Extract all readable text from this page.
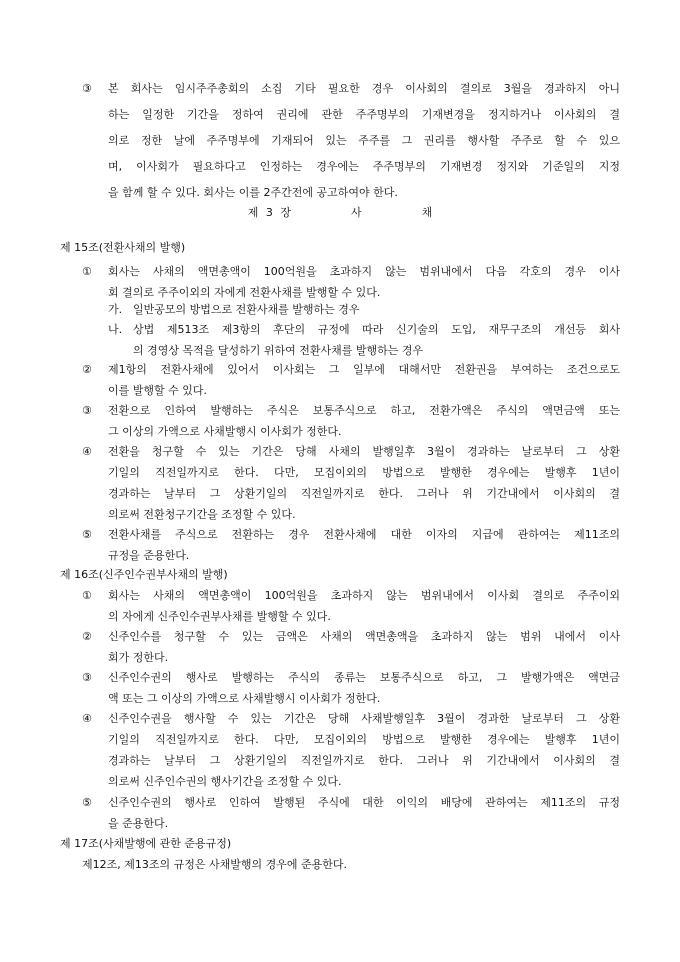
③ 본 회사는 임시주주총회의 소집 기타 필요한 경우 이사회의 결의로 3월을 경과하지 아니
하는 일정한 기간을 정하여 권리에 관한 주주명부의 기재변경을 정지하거나 이사회의 결
의로 정한 날에 주주명부에 기재되어 있는 주주를 그 권리를 행사할 주주로 할 수 있으
며, 이사회가 필요하다고 인정하는 경우에는 주주명부의 기재변경 정지와 기준일의 지정
을 함께 할 수 있다. 회사는 이를 2주간전에 공고하여야 한다.
제 3 장        사        채
제 15조(전환사채의 발행)
① 회사는 사채의 액면총액이 100억원을 초과하지 않는 범위내에서 다음 각호의 경우 이사
회 결의로 주주이외의 자에게 전환사채를 발행할 수 있다.
가. 일반공모의 방법으로 전환사채를 발행하는 경우
나. 상법 제513조 제3항의 후단의 규정에 따라 신기술의 도입, 재무구조의 개선등 회사
의 경영상 목적을 달성하기 위하여 전환사채를 발행하는 경우
② 제1항의 전환사채에 있어서 이사회는 그 일부에 대해서만 전환권을 부여하는 조건으로도
이를 발행할 수 있다.
③ 전환으로 인하여 발행하는 주식은 보통주식으로 하고, 전환가액은 주식의 액면금액 또는
그 이상의 가액으로 사채발행시 이사회가 정한다.
④ 전환을 청구할 수 있는 기간은 당해 사채의 발행일후 3월이 경과하는 날로부터 그 상환
기일의 직전일까지로 한다. 다만, 모집이외의 방법으로 발행한 경우에는 발행후 1년이
경과하는 날부터 그 상환기일의 직전일까지로 한다. 그러나 위 기간내에서 이사회의 결
의로써 전환청구기간을 조정할 수 있다.
⑤ 전환사채를 주식으로 전환하는 경우 전환사채에 대한 이자의 지급에 관하여는 제11조의
규정을 준용한다.
제 16조(신주인수권부사채의 발행)
① 회사는 사채의 액면총액이 100억원을 초과하지 않는 범위내에서 이사회 결의로 주주이외
의 자에게 신주인수권부사채를 발행할 수 있다.
② 신주인수를 청구할 수 있는 금액은 사채의 액면총액을 초과하지 않는 범위 내에서 이사
회가 정한다.
③ 신주인수권의 행사로 발행하는 주식의 종류는 보통주식으로 하고, 그 발행가액은 액면금
액 또는 그 이상의 가액으로 사채발행시 이사회가 정한다.
④ 신주인수권을 행사할 수 있는 기간은 당해 사채발행일후 3월이 경과한 날로부터 그 상환
기일의 직전일까지로 한다. 다만, 모집이외의 방법으로 발행한 경우에는 발행후 1년이
경과하는 날부터 그 상환기일의 직전일까지로 한다. 그러나 위 기간내에서 이사회의 결
의로써 신주인수권의 행사기간을 조정할 수 있다.
⑤ 신주인수권의 행사로 인하여 발행된 주식에 대한 이익의 배당에 관하여는 제11조의 규정
을 준용한다.
제 17조(사채발행에 관한 준용규정)
제12조, 제13조의 규정은 사채발행의 경우에 준용한다.
